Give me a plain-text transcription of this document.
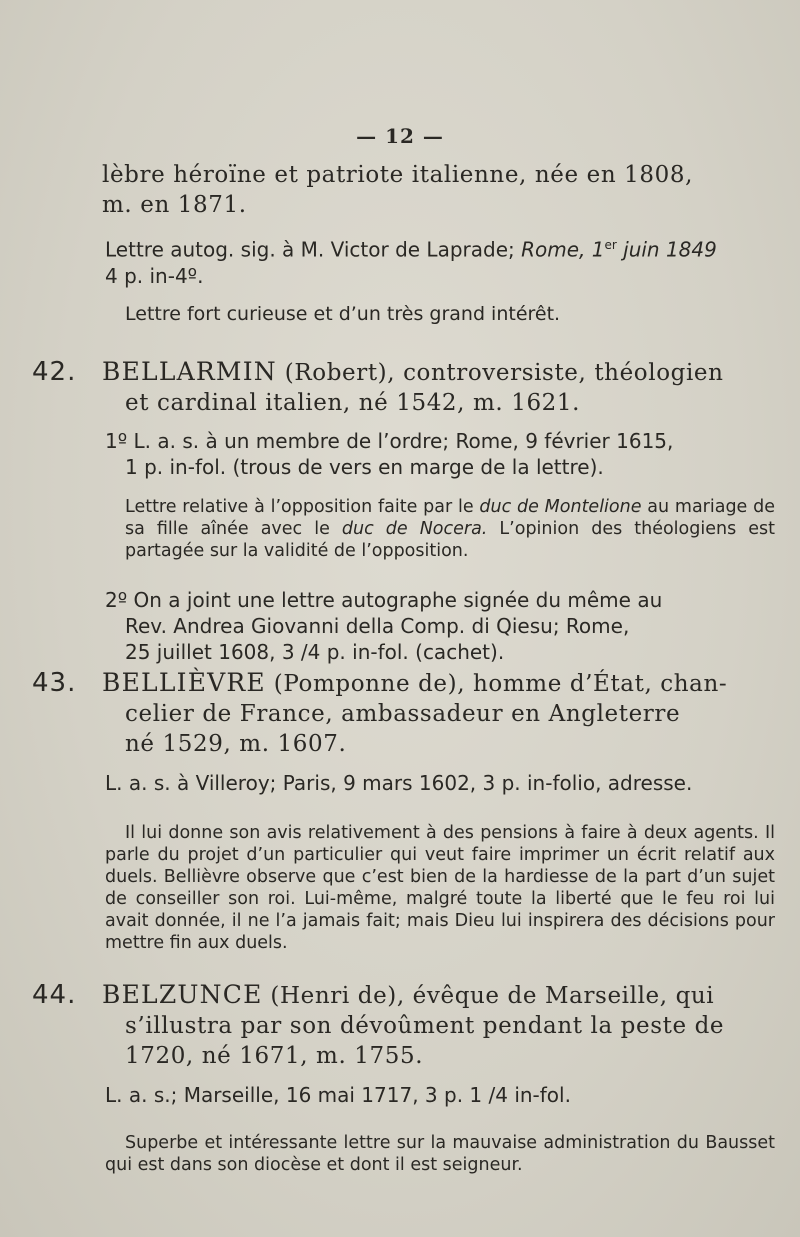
— 12 —
lèbre héroïne et patriote italienne, née en 1808,
m. en 1871.
Lettre autog. sig. à M. Victor de Laprade; Rome, 1er juin 1849
4 p. in-4º.
Lettre fort curieuse et d’un très grand intérêt.
42. BELLARMIN (Robert), controversiste, théologien
et cardinal italien, né 1542, m. 1621.
1º L. a. s. à un membre de l’ordre; Rome, 9 février 1615,
1 p. in-fol. (trous de vers en marge de la lettre).
Lettre relative à l’opposition faite par le duc de Montelione au mariage de sa fille aînée avec le duc de Nocera. L’opinion des théologiens est partagée sur la validité de l’opposition.
2º On a joint une lettre autographe signée du même au
Rev. Andrea Giovanni della Comp. di Qiesu; Rome,
25 juillet 1608, 3 /4 p. in-fol. (cachet).
43. BELLIÈVRE (Pomponne de), homme d’État, chan-
celier de France, ambassadeur en Angleterre
né 1529, m. 1607.
L. a. s. à Villeroy; Paris, 9 mars 1602, 3 p. in-folio, adresse.
Il lui donne son avis relativement à des pensions à faire à deux agents. Il parle du projet d’un particulier qui veut faire imprimer un écrit relatif aux duels. Bellièvre observe que c’est bien de la hardiesse de la part d’un sujet de conseiller son roi. Lui-même, malgré toute la liberté que le feu roi lui avait donnée, il ne l’a jamais fait; mais Dieu lui inspirera des décisions pour mettre fin aux duels.
44. BELZUNCE (Henri de), évêque de Marseille, qui
s’illustra par son dévoûment pendant la peste de
1720, né 1671, m. 1755.
L. a. s.; Marseille, 16 mai 1717, 3 p. 1 /4 in-fol.
Superbe et intéressante lettre sur la mauvaise administration du Bausset qui est dans son diocèse et dont il est seigneur.
